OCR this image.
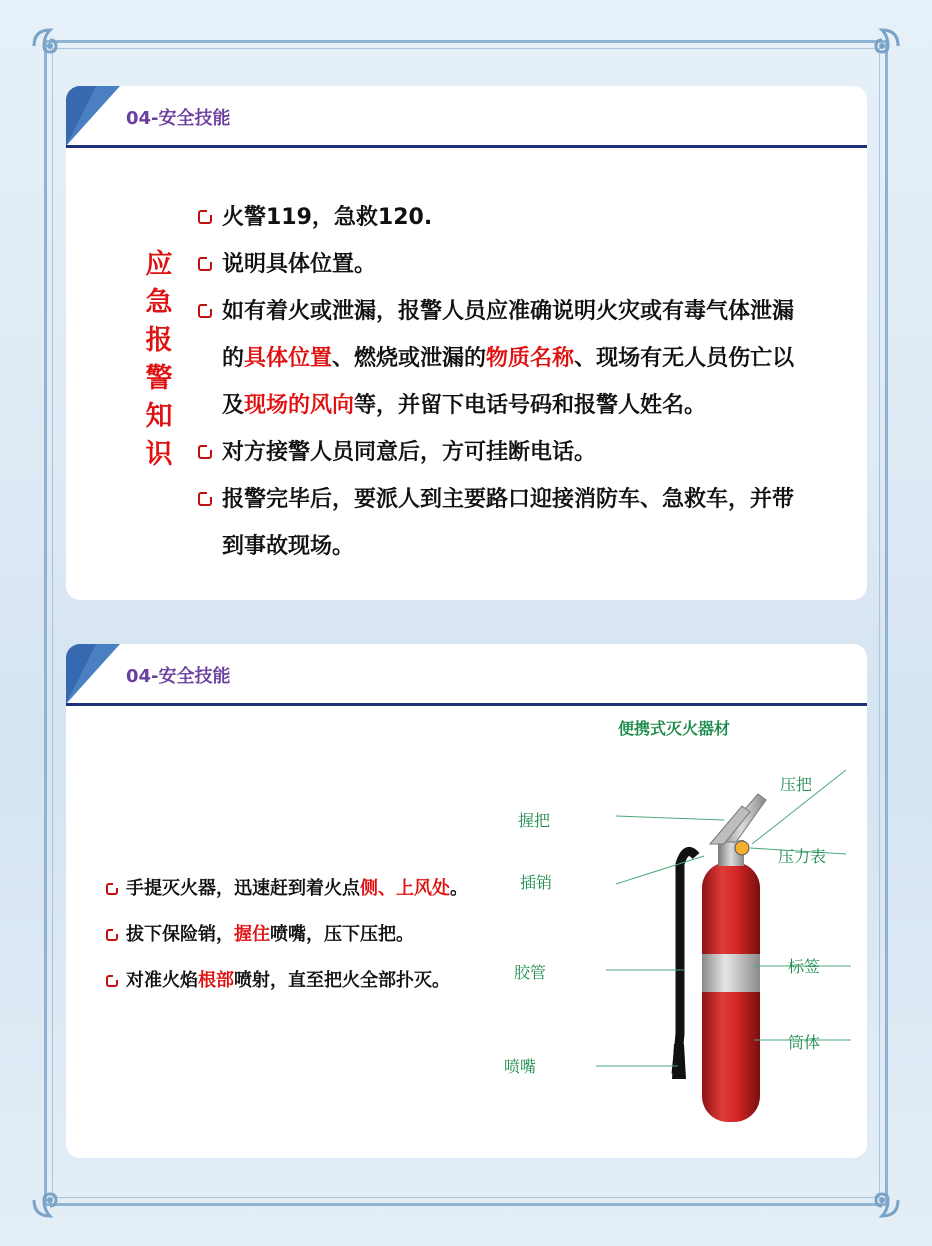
04-安全技能
应
急
报
警
知
识
火警119，急救120.
说明具体位置。
如有着火或泄漏，报警人员应准确说明火灾或有毒气体泄漏
的具体位置、燃烧或泄漏的物质名称、现场有无人员伤亡以
及现场的风向等，并留下电话号码和报警人姓名。
对方接警人员同意后，方可挂断电话。
报警完毕后，要派人到主要路口迎接消防车、急救车，并带
到事故现场。
04-安全技能
手提灭火器，迅速赶到着火点侧、上风处。
拔下保险销，握住喷嘴，压下压把。
对准火焰根部喷射，直至把火全部扑灭。
便携式灭火器材
压把
握把
压力表
插销
胶管	标签
喷嘴
筒体
